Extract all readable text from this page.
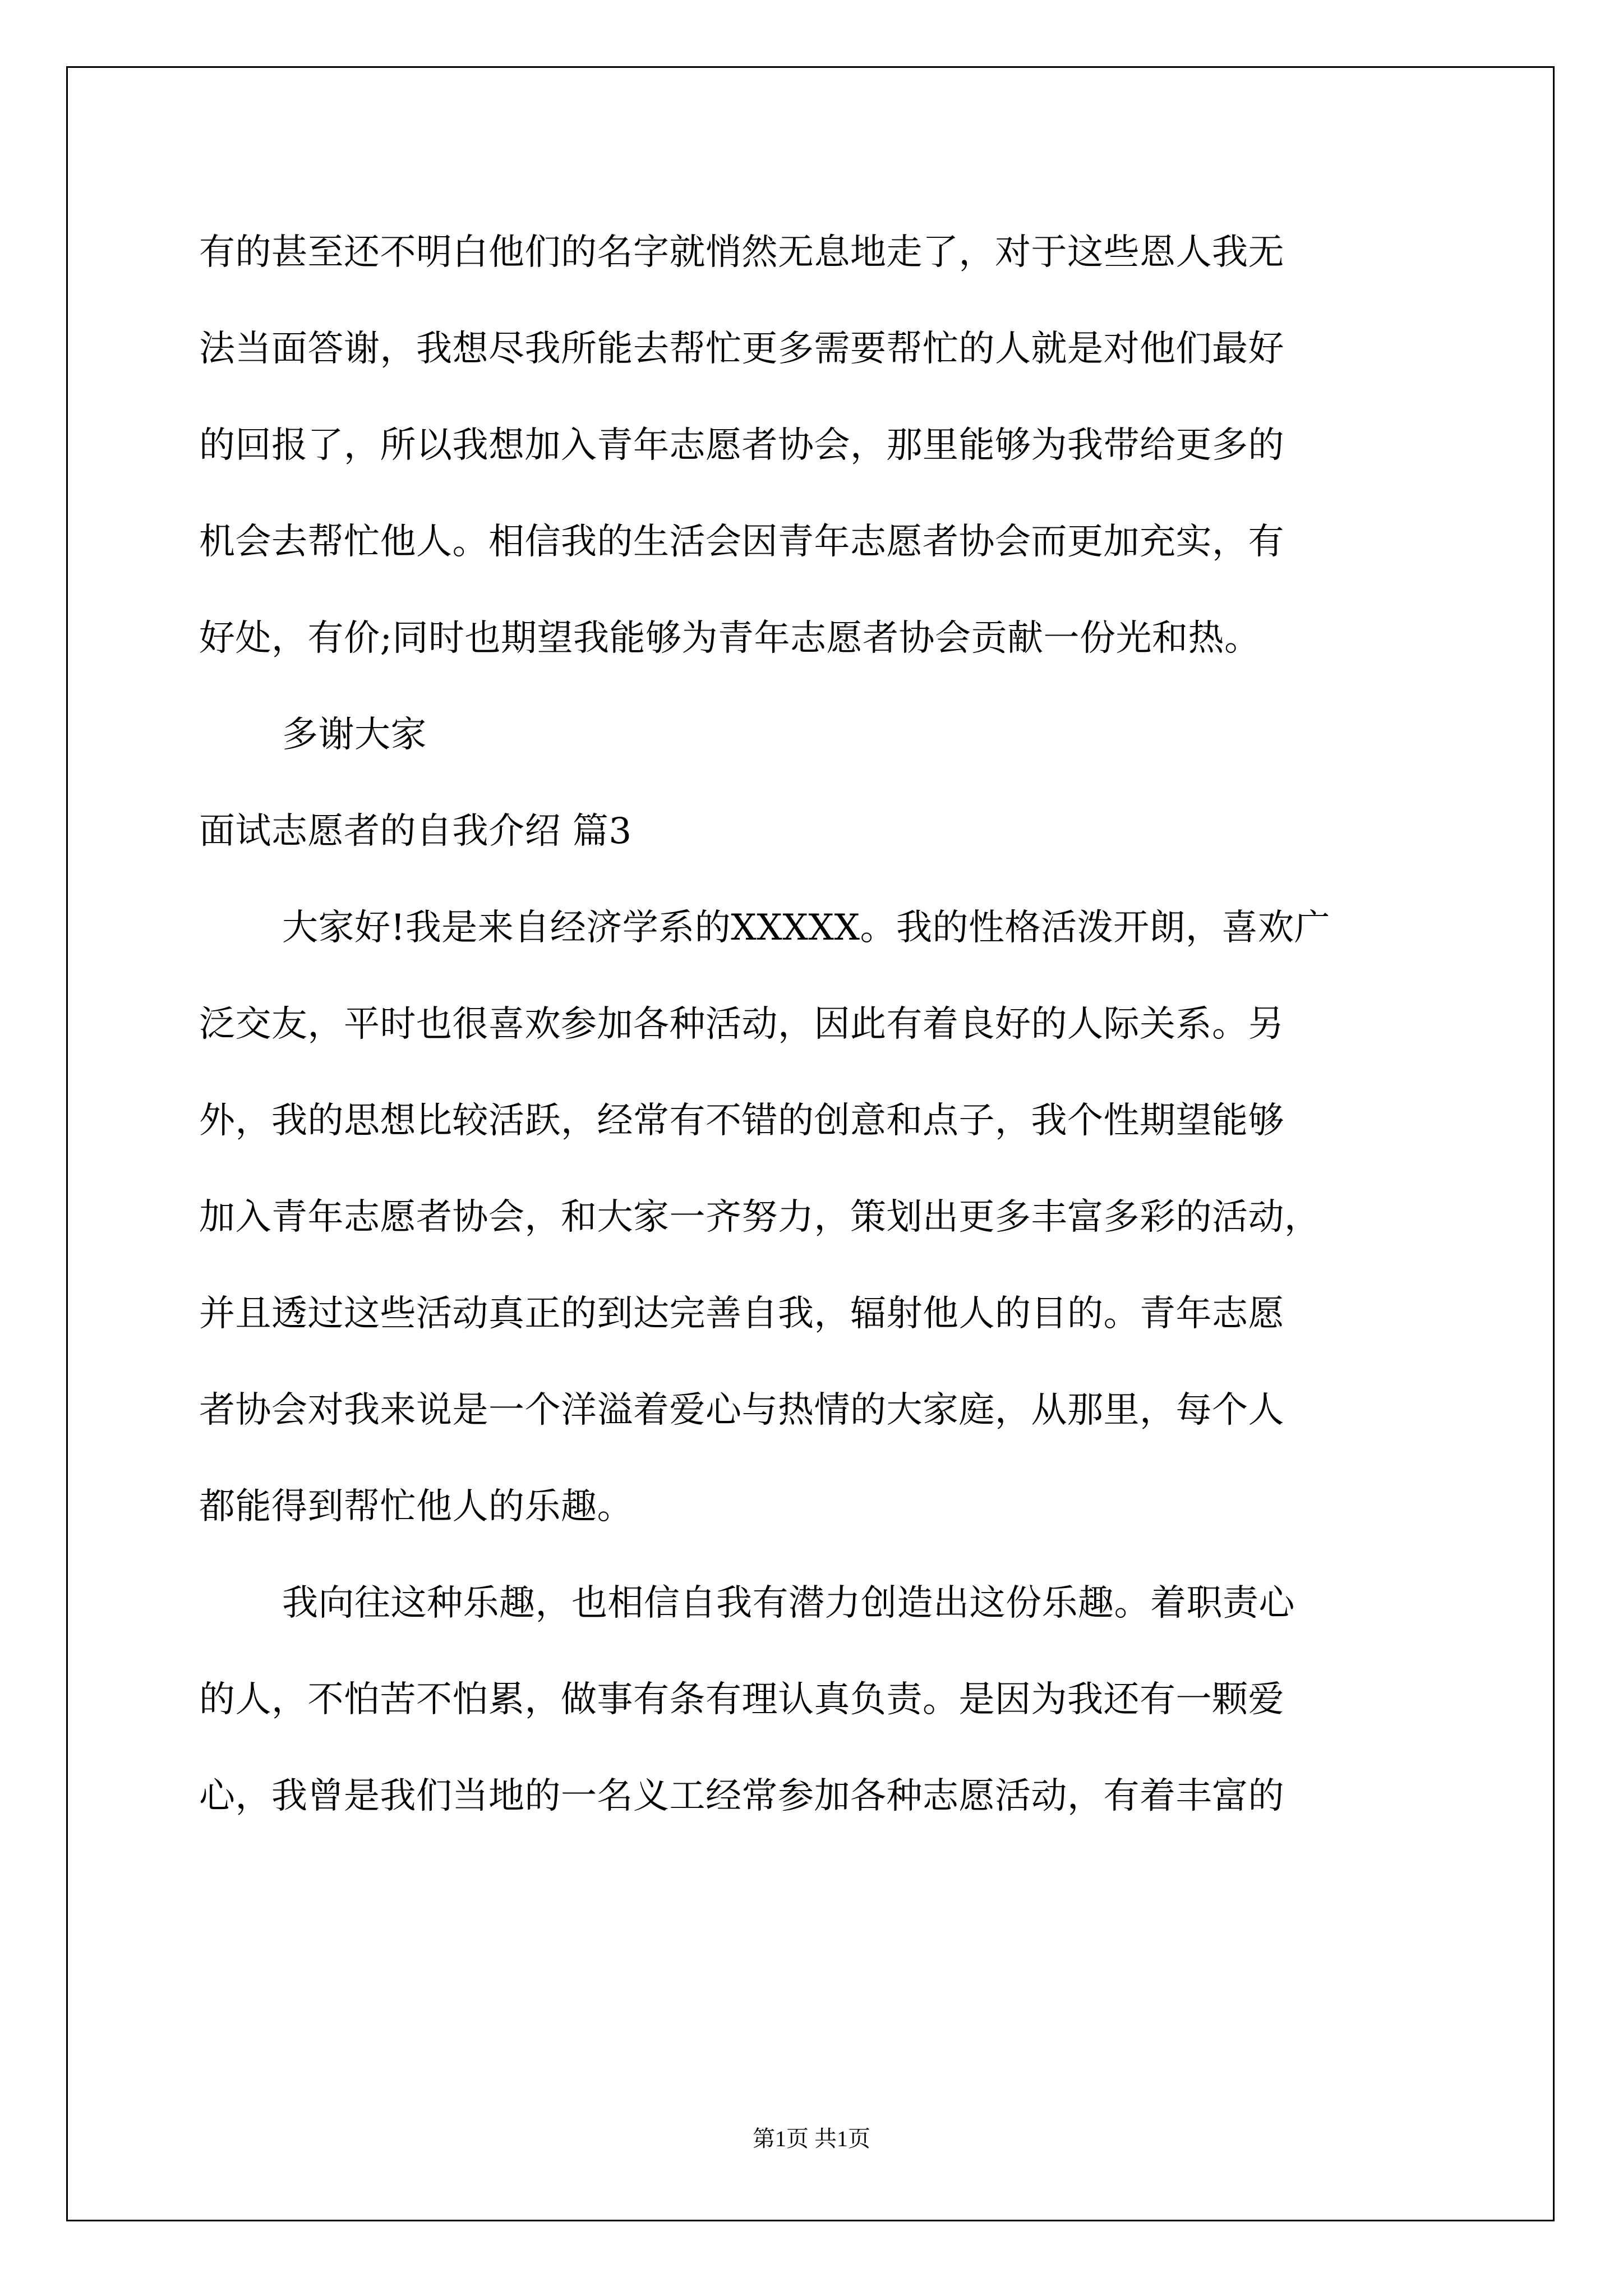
有的甚至还不明白他们的名字就悄然无息地走了，对于这些恩人我无
法当面答谢，我想尽我所能去帮忙更多需要帮忙的人就是对他们最好
的回报了，所以我想加入青年志愿者协会，那里能够为我带给更多的
机会去帮忙他人。相信我的生活会因青年志愿者协会而更加充实，有
好处，有价;同时也期望我能够为青年志愿者协会贡献一份光和热。
多谢大家
面试志愿者的自我介绍 篇3
大家好!我是来自经济学系的XXXXX。我的性格活泼开朗，喜欢广
泛交友，平时也很喜欢参加各种活动，因此有着良好的人际关系。另
外，我的思想比较活跃，经常有不错的创意和点子，我个性期望能够
加入青年志愿者协会，和大家一齐努力，策划出更多丰富多彩的活动，
并且透过这些活动真正的到达完善自我，辐射他人的目的。青年志愿
者协会对我来说是一个洋溢着爱心与热情的大家庭，从那里，每个人
都能得到帮忙他人的乐趣。
我向往这种乐趣，也相信自我有潜力创造出这份乐趣。着职责心
的人，不怕苦不怕累，做事有条有理认真负责。是因为我还有一颗爱
心，我曾是我们当地的一名义工经常参加各种志愿活动，有着丰富的
第1页 共1页
